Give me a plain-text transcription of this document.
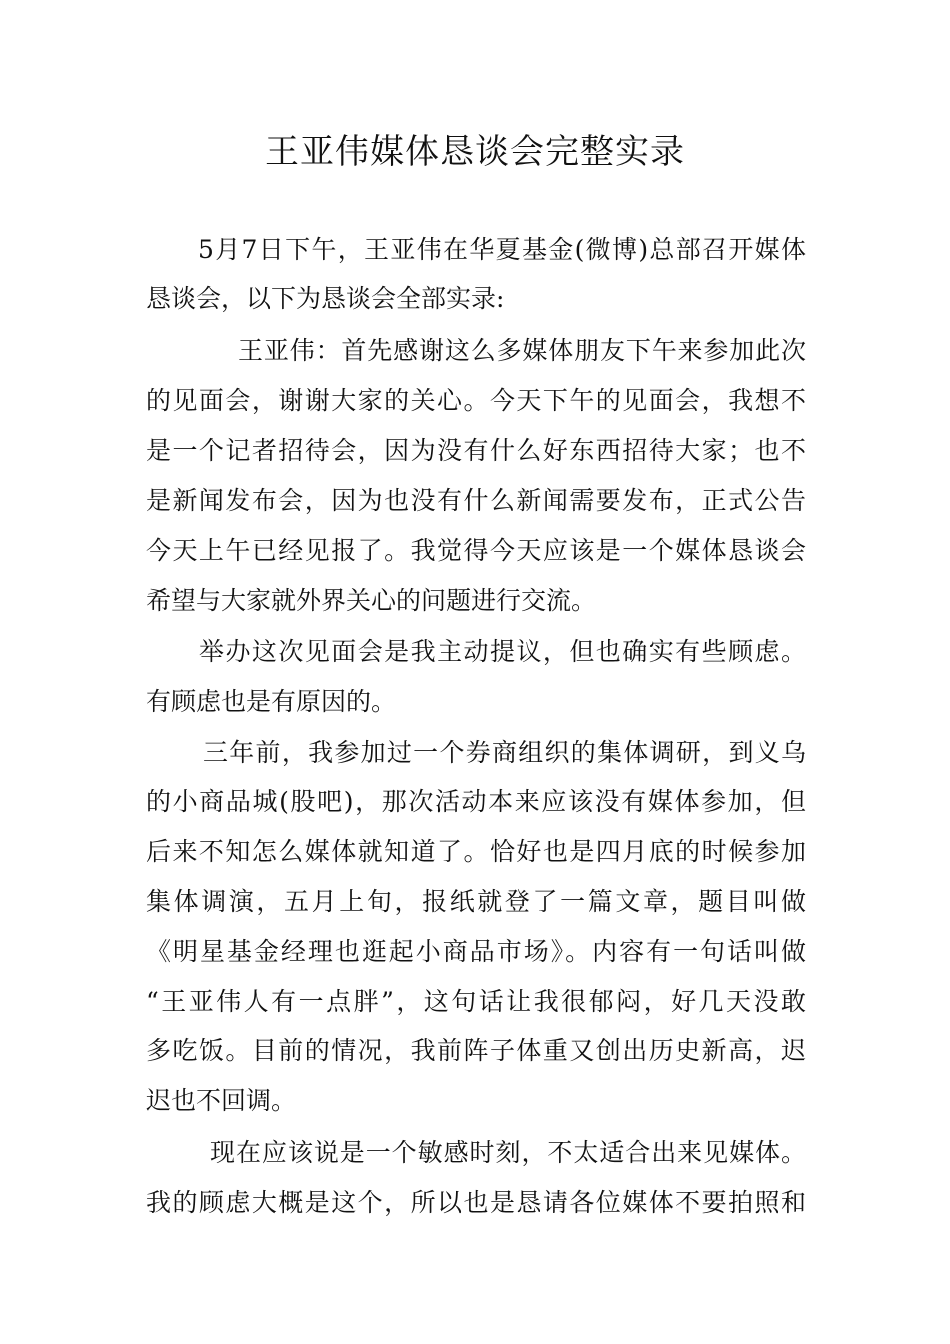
王亚伟媒体恳谈会完整实录
5月7日下午，王亚伟在华夏基金(微博)总部召开媒体
恳谈会，以下为恳谈会全部实录:
王亚伟：首先感谢这么多媒体朋友下午来参加此次
的见面会，谢谢大家的关心。今天下午的见面会，我想不
是一个记者招待会，因为没有什么好东西招待大家；也不
是新闻发布会，因为也没有什么新闻需要发布，正式公告
今天上午已经见报了。我觉得今天应该是一个媒体恳谈会
希望与大家就外界关心的问题进行交流。
举办这次见面会是我主动提议，但也确实有些顾虑。
有顾虑也是有原因的。
三年前，我参加过一个券商组织的集体调研，到义乌
的小商品城(股吧)，那次活动本来应该没有媒体参加，但
后来不知怎么媒体就知道了。恰好也是四月底的时候参加
集体调演，五月上旬，报纸就登了一篇文章，题目叫做
《明星基金经理也逛起小商品市场》。内容有一句话叫做
“王亚伟人有一点胖”，这句话让我很郁闷，好几天没敢
多吃饭。目前的情况，我前阵子体重又创出历史新高，迟
迟也不回调。
现在应该说是一个敏感时刻，不太适合出来见媒体。
我的顾虑大概是这个，所以也是恳请各位媒体不要拍照和
